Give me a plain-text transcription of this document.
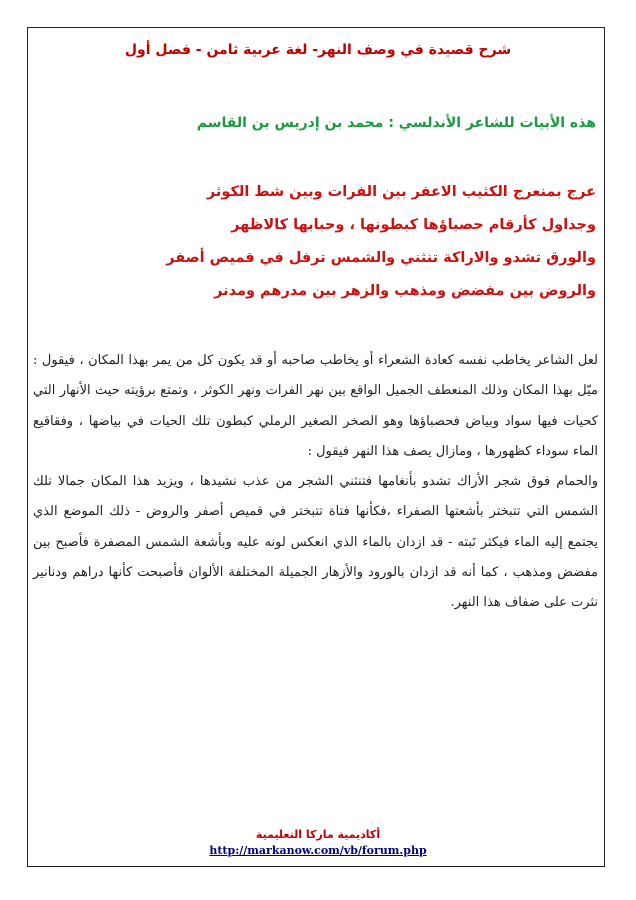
شرح قصيدة في وصف النهر- لغة عربية ثامن - فصل أول
هذه الأبيات للشاعر الأندلسي : محمد بن إدريس بن القاسم
عرج بمنعرج الكثيب الاعفر بين الفرات وبين شط الكوثر
وجداول كأرقام حصباؤها كبطونها ، وحبابها كالاظهر
والورق تشدو والاراكة تنثني والشمس ترفل في قميص أصفر
والروض بين مفضض ومذهب والزهر بين مدرهم ومدنر

لعل الشاعر يخاطب نفسه كعادة الشعراء أو يخاطب صاحبه أو قد يكون كل من يمر بهذا المكان ، فيقول : ميّل بهذا المكان وذلك المنعطف الجميل الواقع بين نهر الفرات ونهر الكوثر ، وتمتع برؤيته حيث الأنهار التي كحيات فيها سواد وبياض فحصباؤها وهو الصخر الصغير الرملي كبطون تلك الحيات في بياضها ، وفقاقيع الماء سوداء كظهورها ، ومازال يصف هذا النهر فيقول :

والحمام فوق شجر الأراك تشدو بأنغامها فتنثني الشجر من عذب نشيدها ، ويزيد هذا المكان جمالا تلك الشمس التي تتبختر بأشعتها الصفراء ،فكأنها فتاة تتبختر في قميص أصفر والروض - ذلك الموضع الذي يجتمع إليه الماء فيكثر نَبته - قد ازدان بالماء الذي انعكس لونه عليه وبأشعة الشمس المصفرة فأصبح بين مفضض ومذهب ، كما أنه قد ازدان بالورود والأزهار الجميلة المختلفة الألوان فأصبحت كأنها دراهم ودنانير نثرت على ضفاف هذا النهر.

أكاديمية ماركا التعليمية
http://markanow.com/vb/forum.php
